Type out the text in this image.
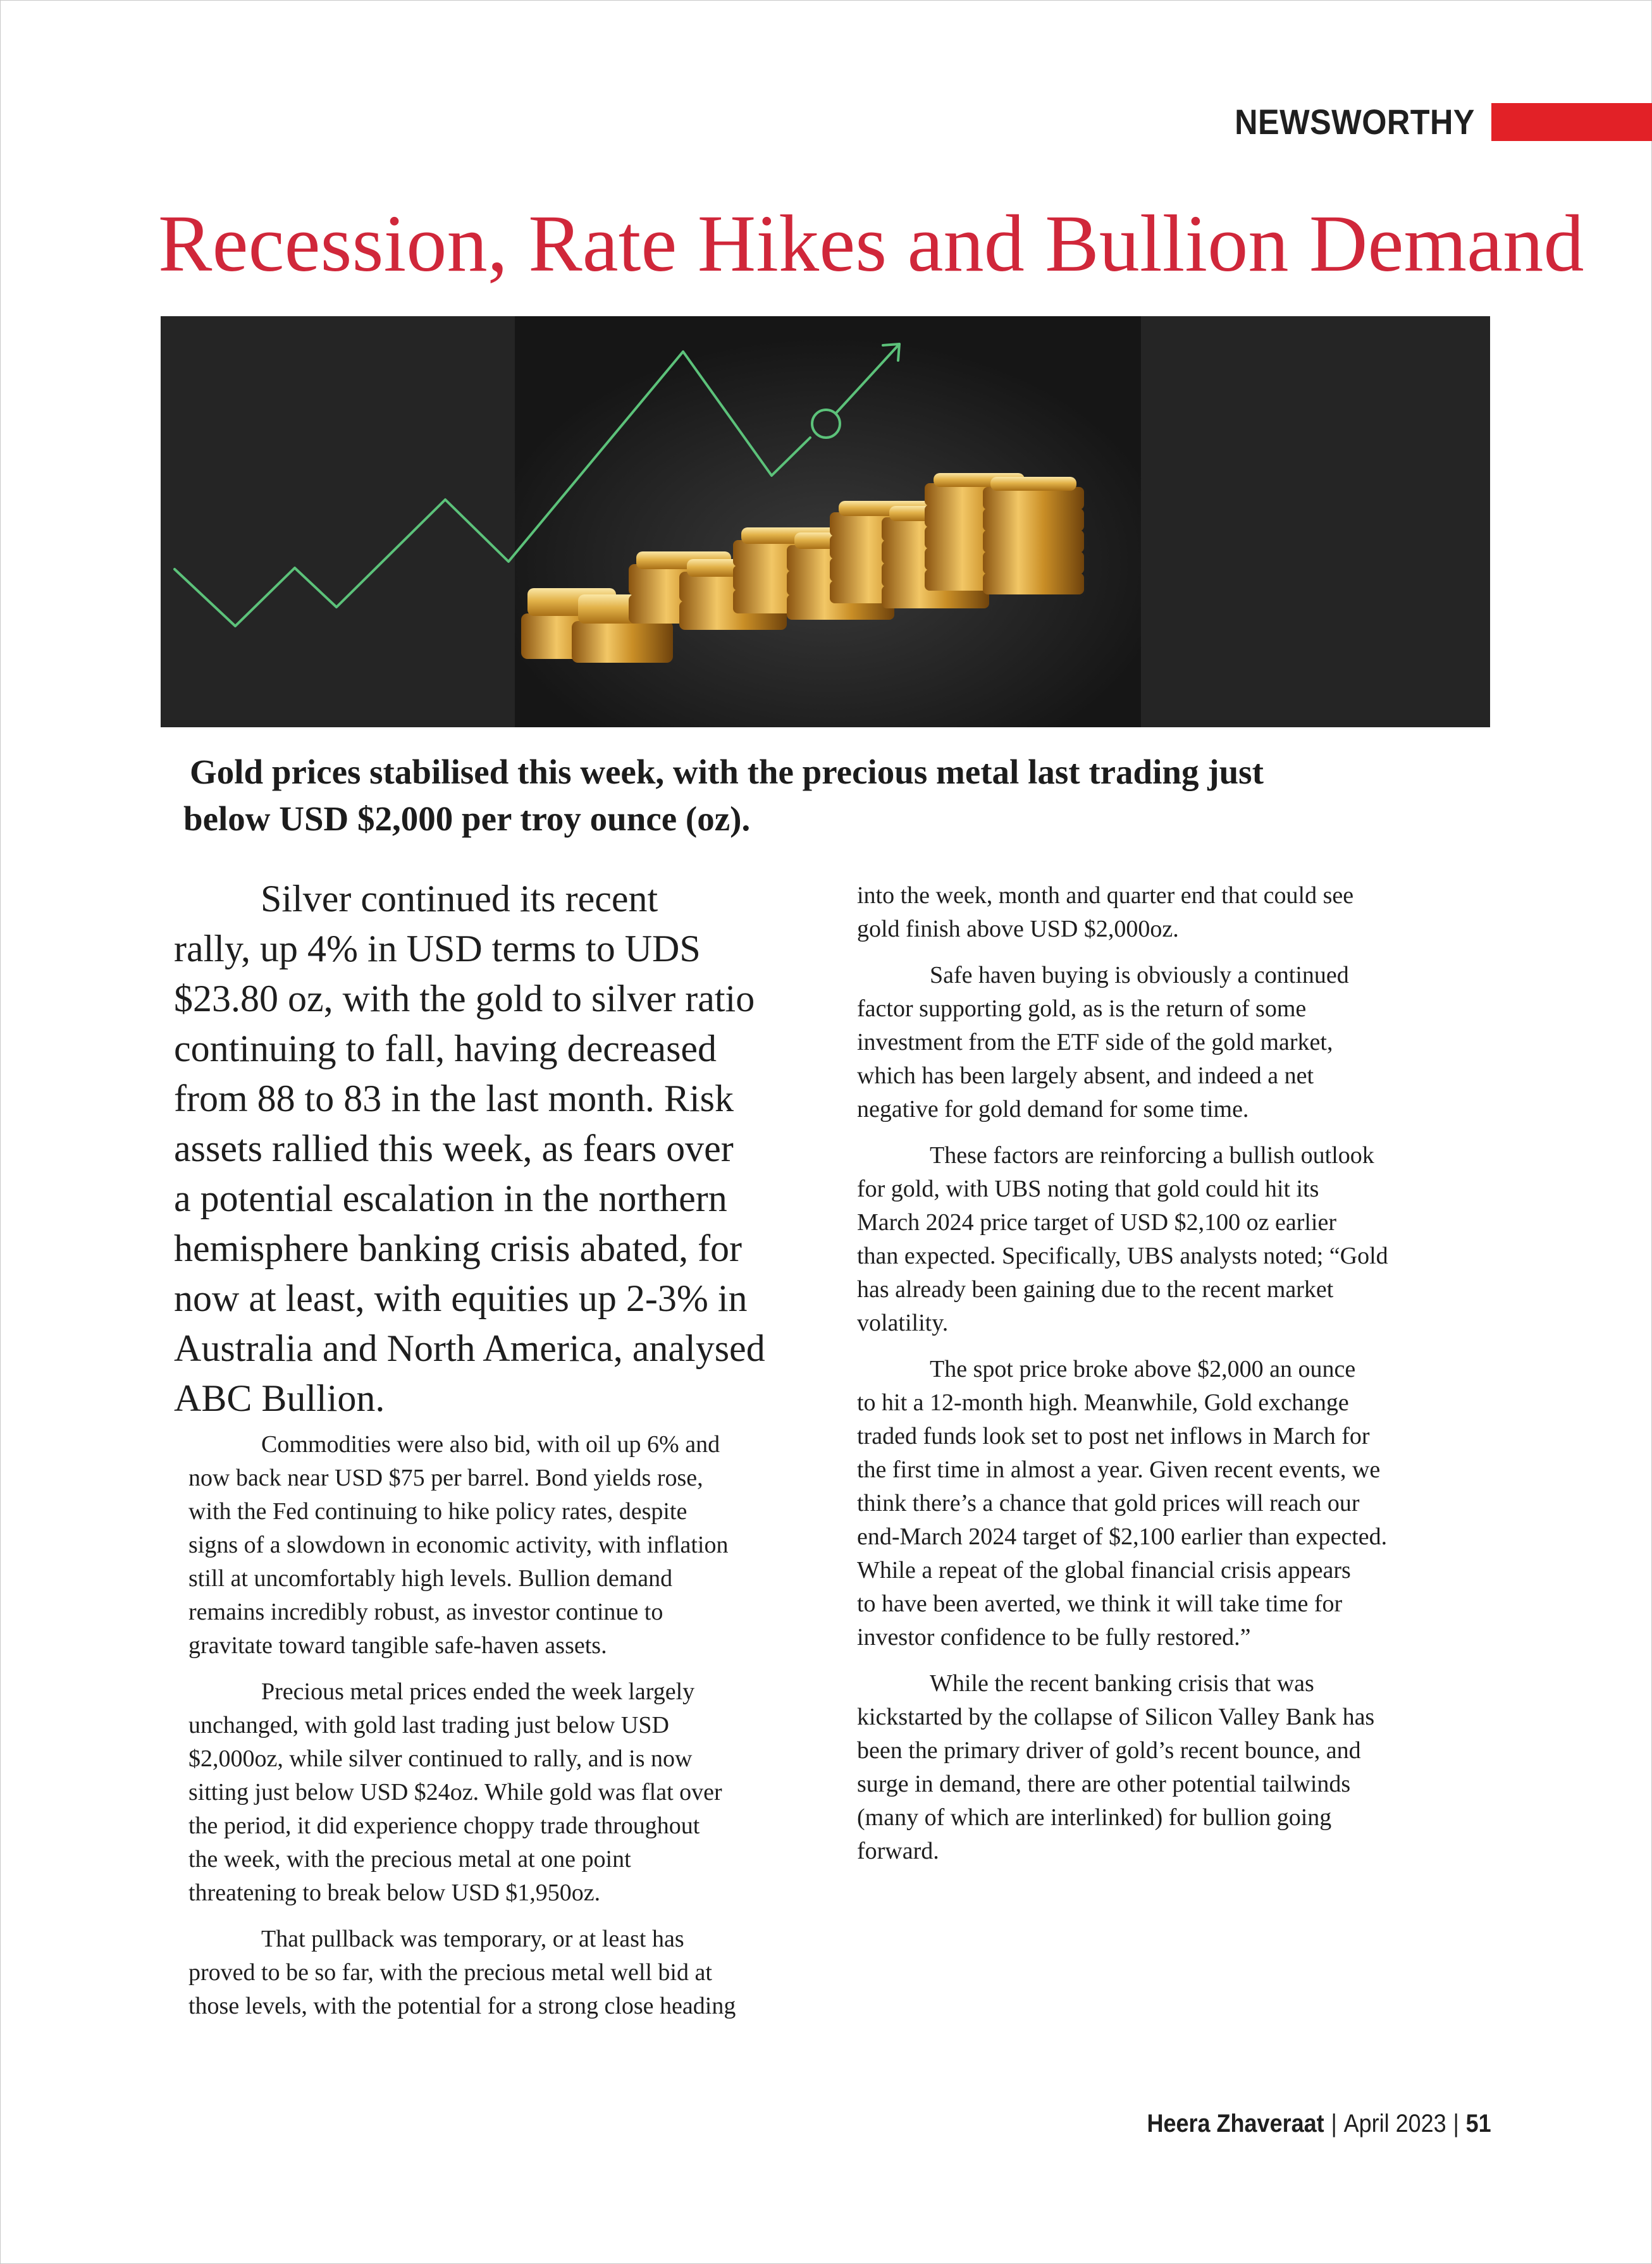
NEWSWORTHY
Recession, Rate Hikes and Bullion Demand

Gold prices stabilised this week, with the precious metal last trading just
below USD $2,000 per troy ounce (oz).

Silver continued its recent
rally, up 4% in USD terms to UDS
$23.80 oz, with the gold to silver ratio
continuing to fall, having decreased
from 88 to 83 in the last month. Risk
assets rallied this week, as fears over
a potential escalation in the northern
hemisphere banking crisis abated, for
now at least, with equities up 2-3% in
Australia and North America, analysed
ABC Bullion.

Commodities were also bid, with oil up 6% and
now back near USD $75 per barrel. Bond yields rose,
with the Fed continuing to hike policy rates, despite
signs of a slowdown in economic activity, with inflation
still at uncomfortably high levels. Bullion demand
remains incredibly robust, as investor continue to
gravitate toward tangible safe-haven assets.

Precious metal prices ended the week largely
unchanged, with gold last trading just below USD
$2,000oz, while silver continued to rally, and is now
sitting just below USD $24oz. While gold was flat over
the period, it did experience choppy trade throughout
the week, with the precious metal at one point
threatening to break below USD $1,950oz.

That pullback was temporary, or at least has
proved to be so far, with the precious metal well bid at
those levels, with the potential for a strong close heading

into the week, month and quarter end that could see
gold finish above USD $2,000oz.

Safe haven buying is obviously a continued
factor supporting gold, as is the return of some
investment from the ETF side of the gold market,
which has been largely absent, and indeed a net
negative for gold demand for some time.

These factors are reinforcing a bullish outlook
for gold, with UBS noting that gold could hit its
March 2024 price target of USD $2,100 oz earlier
than expected. Specifically, UBS analysts noted; “Gold
has already been gaining due to the recent market
volatility.

The spot price broke above $2,000 an ounce
to hit a 12-month high. Meanwhile, Gold exchange
traded funds look set to post net inflows in March for
the first time in almost a year. Given recent events, we
think there’s a chance that gold prices will reach our
end-March 2024 target of $2,100 earlier than expected.
While a repeat of the global financial crisis appears
to have been averted, we think it will take time for
investor confidence to be fully restored.”

While the recent banking crisis that was
kickstarted by the collapse of Silicon Valley Bank has
been the primary driver of gold’s recent bounce, and
surge in demand, there are other potential tailwinds
(many of which are interlinked) for bullion going
forward.

Heera Zhaveraat | April 2023 | 51
